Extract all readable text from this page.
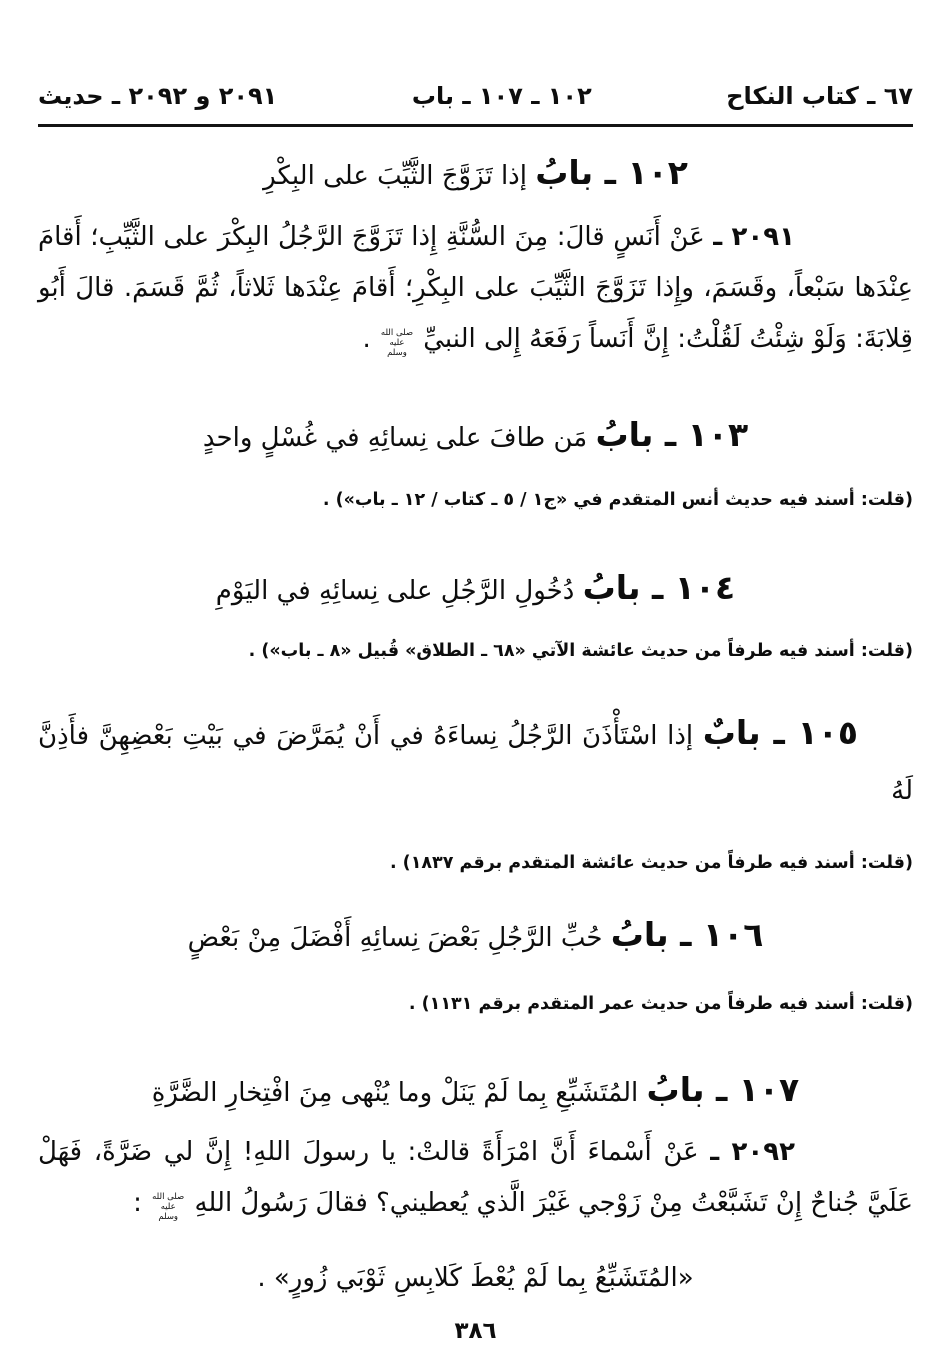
٦٧ ـ كتاب النكاح
١٠٢ ـ ١٠٧ ـ باب
٢٠٩١ و ٢٠٩٢ ـ حديث
١٠٢ ـ بابُ إذا تَزَوَّجَ الثَّيِّبَ على البِكْرِ

٢٠٩١ ـ عَنْ أَنَسٍ قالَ: مِنَ السُّنَّةِ إِذا تَزَوَّجَ الرَّجُلُ البِكْرَ على الثَّيِّبِ؛ أَقامَ عِنْدَها سَبْعاً، وقَسَمَ، وإِذا تَزَوَّجَ الثَّيِّبَ على البِكْرِ؛ أَقامَ عِنْدَها ثَلاثاً، ثُمَّ قَسَمَ. قالَ أَبُو قِلابَةَ: وَلَوْ شِئْتُ لَقُلْتُ: إِنَّ أَنَساً رَفَعَهُ إِلى النبيِّ صلى الله عليه وسلم .

١٠٣ ـ بابُ مَن طافَ على نِسائِهِ في غُسْلٍ واحدٍ

(قلت: أسند فيه حديث أنس المتقدم في «ج١ / ٥ ـ كتاب / ١٢ ـ باب») .

١٠٤ ـ بابُ دُخُولِ الرَّجُلِ على نِسائِهِ في اليَوْمِ

(قلت: أسند فيه طرفاً من حديث عائشة الآتي «٦٨ ـ الطلاق» قُبيل «٨ ـ باب») .

١٠٥ ـ بابٌ إذا اسْتَأْذَنَ الرَّجُلُ نِساءَهُ في أَنْ يُمَرَّضَ في بَيْتِ بَعْضِهِنَّ فأَذِنَّ لَهُ

(قلت: أسند فيه طرفاً من حديث عائشة المتقدم برقم ١٨٣٧) .

١٠٦ ـ بابُ حُبِّ الرَّجُلِ بَعْضَ نِسائِهِ أَفْضَلَ مِنْ بَعْضٍ

(قلت: أسند فيه طرفاً من حديث عمر المتقدم برقم ١١٣١) .

١٠٧ ـ بابُ المُتَشَبِّعِ بِما لَمْ يَنَلْ وما يُنْهى مِنَ افْتِخارِ الضَّرَّةِ

٢٠٩٢ ـ عَنْ أَسْماءَ أَنَّ امْرَأَةً قالتْ: يا رسولَ اللهِ! إِنَّ لي ضَرَّةً، فَهَلْ عَلَيَّ جُناحٌ إِنْ تَشَبَّعْتُ مِنْ زَوْجي غَيْرَ الَّذي يُعطيني؟ فقالَ رَسُولُ اللهِ صلى الله عليه وسلم :

«المُتَشَبِّعُ بِما لَمْ يُعْطَ كَلابِسِ ثَوْبَي زُورٍ» .

٣٨٦
